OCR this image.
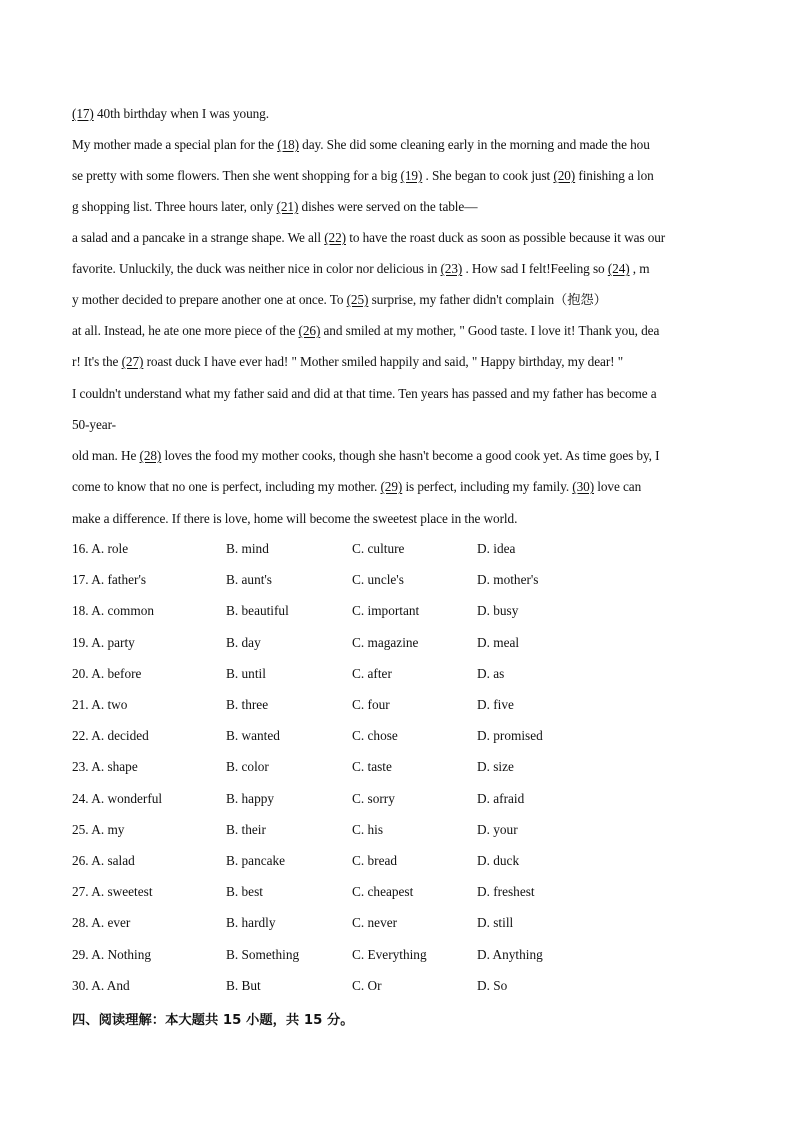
(17) 40th birthday when I was young.
My mother made a special plan for the (18) day. She did some cleaning early in the morning and made the hou
se pretty with some flowers. Then she went shopping for a big (19) . She began to cook just (20) finishing a lon
g shopping list. Three hours later, only (21) dishes were served on the table—
a salad and a pancake in a strange shape. We all (22) to have the roast duck as soon as possible because it was our
favorite. Unluckily, the duck was neither nice in color nor delicious in (23) . How sad I felt!Feeling so (24) , m
y mother decided to prepare another one at once. To (25) surprise, my father didn't complain（抱怨）
at all. Instead, he ate one more piece of the (26) and smiled at my mother, " Good taste. I love it! Thank you, dea
r! It's the (27) roast duck I have ever had! " Mother smiled happily and said, " Happy birthday, my dear! "
I couldn't understand what my father said and did at that time. Ten years has passed and my father has become a
50-year-
old man. He (28) loves the food my mother cooks, though she hasn't become a good cook yet. As time goes by, I
come to know that no one is perfect, including my mother. (29) is perfect, including my family. (30) love can
make a difference. If there is love, home will become the sweetest place in the world.
16. A. role	B. mind	C. culture	D. idea
17. A. father's	B. aunt's	C. uncle's	D. mother's
18. A. common	B. beautiful	C. important	D. busy
19. A. party	B. day	C. magazine	D. meal
20. A. before	B. until	C. after	D. as
21. A. two	B. three	C. four	D. five
22. A. decided	B. wanted	C. chose	D. promised
23. A. shape	B. color	C. taste	D. size
24. A. wonderful	B. happy	C. sorry	D. afraid
25. A. my	B. their	C. his	D. your
26. A. salad	B. pancake	C. bread	D. duck
27. A. sweetest	B. best	C. cheapest	D. freshest
28. A. ever	B. hardly	C. never	D. still
29. A. Nothing	B. Something	C. Everything	D. Anything
30. A. And	B. But	C. Or	D. So
四、阅读理解：本大题共 15 小题，共 15 分。
